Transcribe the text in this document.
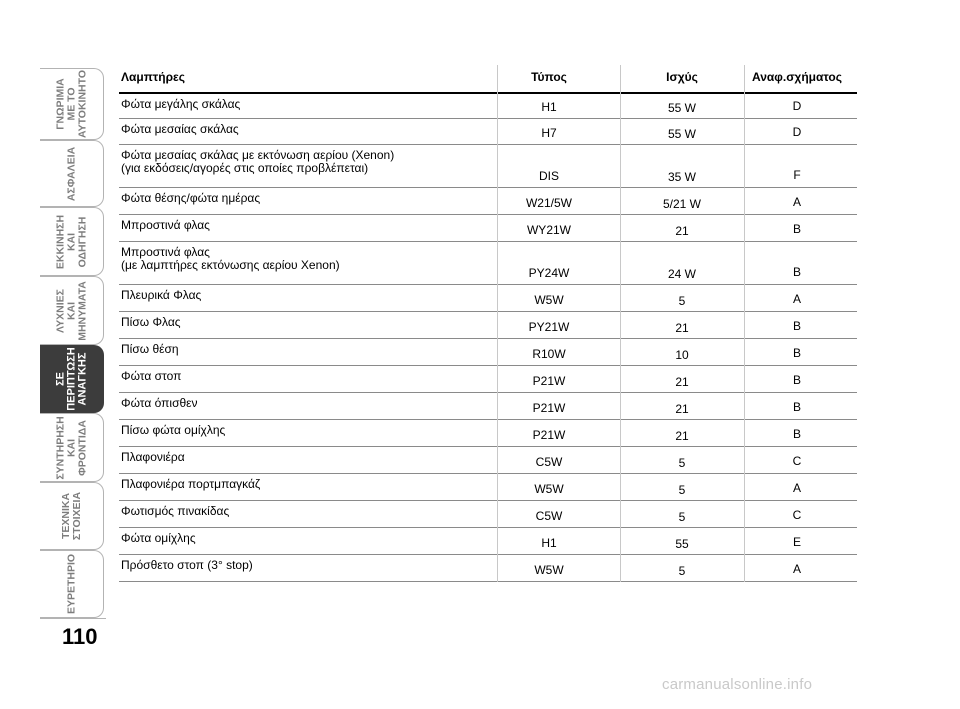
ΓΝΩΡΙΜΙΑ
ΜΕ ΤΟ
ΑΥΤΟΚΙΝΗΤΟ
ΑΣΦΑΛΕΙΑ
ΕΚΚΙΝΗΣΗ
ΚΑΙ
ΟΔΗΓΗΣΗ
ΛΥΧΝΙΕΣ
ΚΑΙ
ΜΗΝΥΜΑΤΑ
ΣΕ
ΠΕΡΙΠΤΩΣΗ
ΑΝΑΓΚΗΣ
ΣΥΝΤΗΡΗΣΗ
ΚΑΙ
ΦΡΟΝΤΙΔΑ
ΤΕΧΝΙΚΑ
ΣΤΟΙΧΕΙΑ
ΕΥΡΕΤΗΡΙΟ
110
Λαμπτήρες	Τύπος	Ισχύς	Αναφ.σχήματος
Φώτα μεγάλης σκάλας	H1	55 W	D
Φώτα μεσαίας σκάλας	H7	55 W	D
Φώτα μεσαίας σκάλας με εκτόνωση αερίου (Xenon)
(για εκδόσεις/αγορές στις οποίες προβλέπεται)
DIS	35 W	F
Φώτα θέσης/φώτα ημέρας	W21/5W	5/21 W	A
Μπροστινά φλας	WY21W	21	B
Μπροστινά φλας
(με λαμπτήρες εκτόνωσης αερίου Xenon)
PY24W	24 W	B
Πλευρικά Φλας	W5W	5	A
Πίσω Φλας	PY21W	21	B
Πίσω θέση	R10W	10	B
Φώτα στοπ	P21W	21	B
Φώτα όπισθεν	P21W	21	B
Πίσω φώτα ομίχλης	P21W	21	B
Πλαφονιέρα	C5W	5	C
Πλαφονιέρα πορτμπαγκάζ	W5W	5	A
Φωτισμός πινακίδας	C5W	5	C
Φώτα ομίχλης	H1	55	E
Πρόσθετο στοπ (3° stop)	W5W	5	A
carmanualsonline.info
